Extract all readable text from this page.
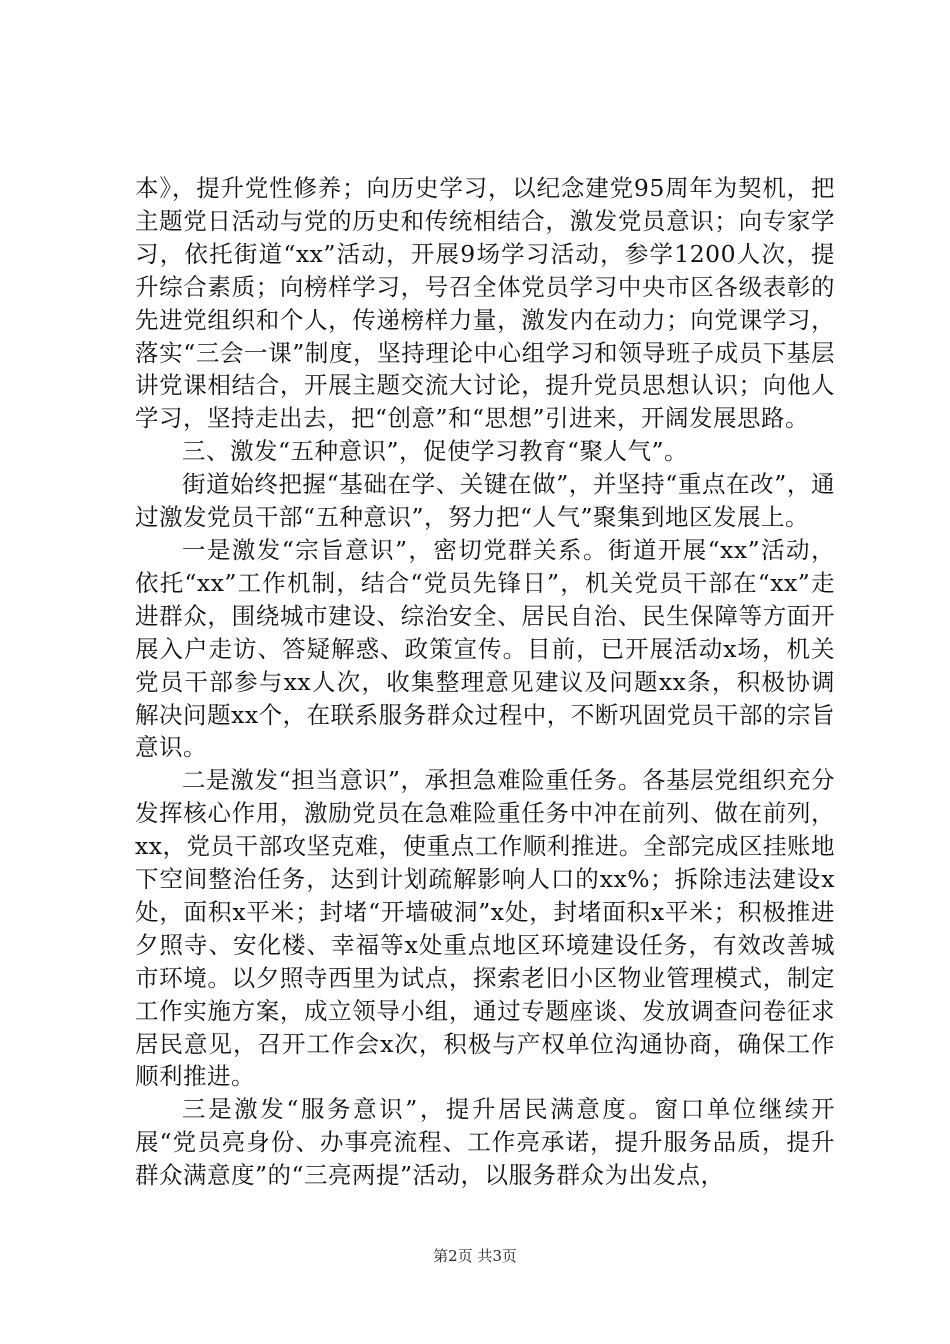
本》，提升党性修养；向历史学习，以纪念建党95周年为契机，把主题党日活动与党的历史和传统相结合，激发党员意识；向专家学习，依托街道“xx”活动，开展9场学习活动，参学1200人次，提升综合素质；向榜样学习，号召全体党员学习中央市区各级表彰的先进党组织和个人，传递榜样力量，激发内在动力；向党课学习，落实“三会一课”制度，坚持理论中心组学习和领导班子成员下基层讲党课相结合，开展主题交流大讨论，提升党员思想认识；向他人学习，坚持走出去，把“创意”和“思想”引进来，开阔发展思路。

三、激发“五种意识”，促使学习教育“聚人气”。

街道始终把握“基础在学、关键在做”，并坚持“重点在改”，通过激发党员干部“五种意识”，努力把“人气”聚集到地区发展上。

一是激发“宗旨意识”，密切党群关系。街道开展“xx”活动，依托“xx”工作机制，结合“党员先锋日”，机关党员干部在“xx”走进群众，围绕城市建设、综治安全、居民自治、民生保障等方面开展入户走访、答疑解惑、政策宣传。目前，已开展活动x场，机关党员干部参与xx人次，收集整理意见建议及问题xx条，积极协调解决问题xx个，在联系服务群众过程中，不断巩固党员干部的宗旨意识。

二是激发“担当意识”，承担急难险重任务。各基层党组织充分发挥核心作用，激励党员在急难险重任务中冲在前列、做在前列，xx，党员干部攻坚克难，使重点工作顺利推进。全部完成区挂账地下空间整治任务，达到计划疏解影响人口的xx%；拆除违法建设x处，面积x平米；封堵“开墙破洞”x处，封堵面积x平米；积极推进夕照寺、安化楼、幸福等x处重点地区环境建设任务，有效改善城市环境。以夕照寺西里为试点，探索老旧小区物业管理模式，制定工作实施方案，成立领导小组，通过专题座谈、发放调查问卷征求居民意见，召开工作会x次，积极与产权单位沟通协商，确保工作顺利推进。

三是激发“服务意识”，提升居民满意度。窗口单位继续开展“党员亮身份、办事亮流程、工作亮承诺，提升服务品质，提升群众满意度”的“三亮两提”活动，以服务群众为出发点，

第2页 共3页
